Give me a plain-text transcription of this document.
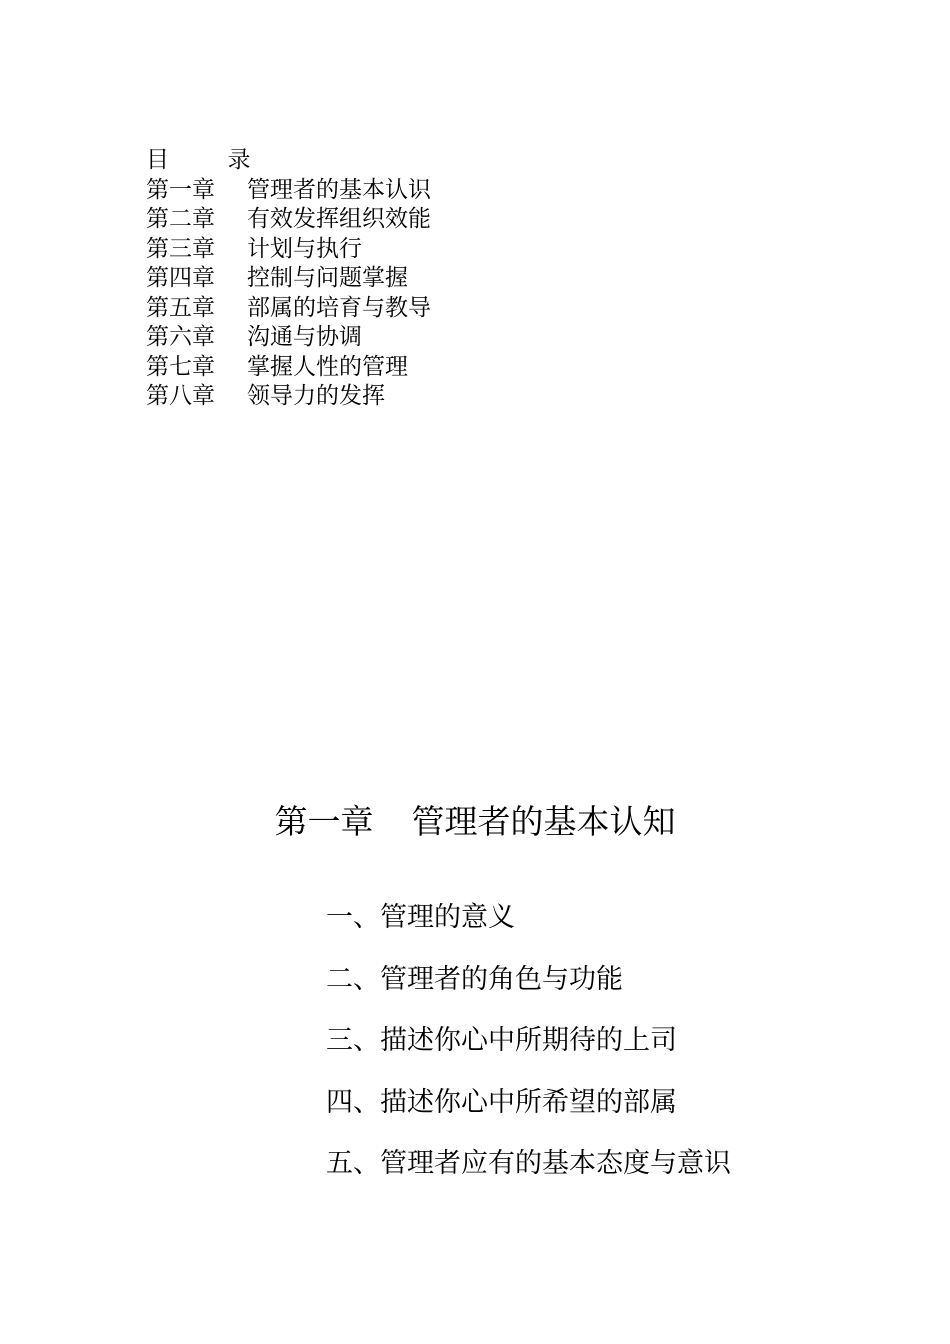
目        录
第一章	管理者的基本认识
第二章	有效发挥组织效能
第三章	计划与执行
第四章	控制与问题掌握
第五章	部属的培育与教导
第六章	沟通与协调
第七章	掌握人性的管理
第八章	领导力的发挥
第一章 管理者的基本认知
一、管理的意义
二、管理者的角色与功能
三、描述你心中所期待的上司
四、描述你心中所希望的部属
五、管理者应有的基本态度与意识
